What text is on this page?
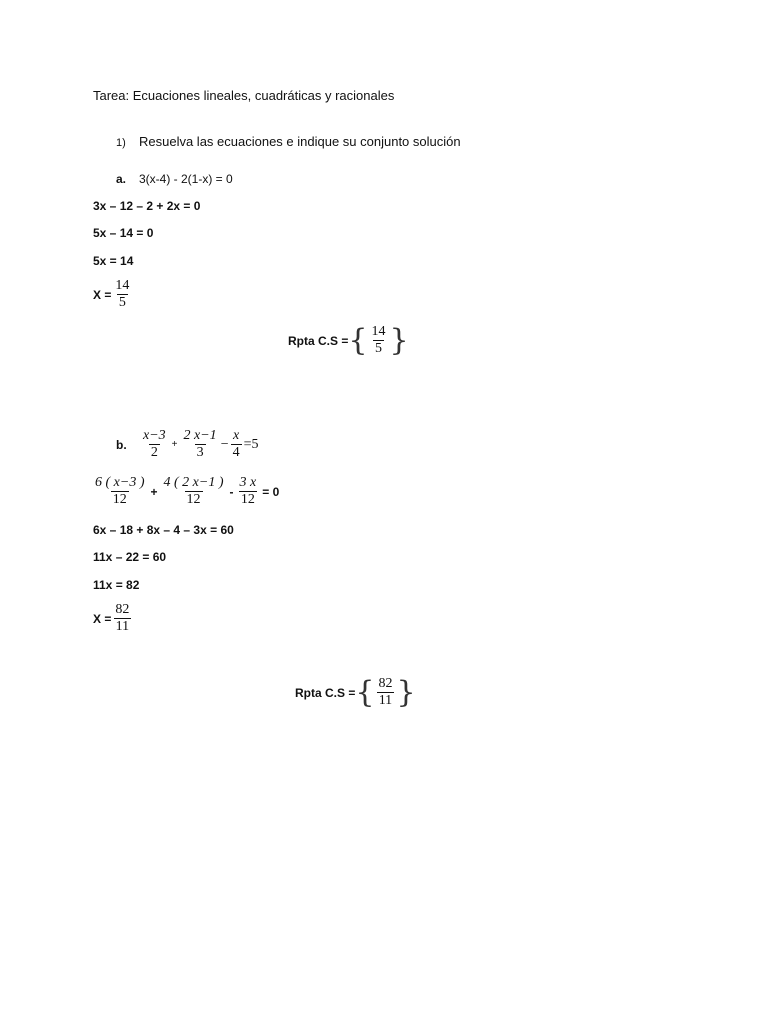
Tarea: Ecuaciones lineales, cuadráticas y racionales
1) Resuelva las ecuaciones e indique su conjunto solución
a. 3(x-4) - 2(1-x) = 0
3x – 12 – 2 + 2x = 0
5x – 14 = 0
5x = 14
$X = \frac{14}{5}$
Rpta C.S = { $\frac{14}{5}$ }
b.	$\frac{x-3}{2} + \frac{2 x-1}{3} - \frac{x}{4} =5$
$\frac{6 ( x-3 )}{12} + \frac{4 ( 2 x-1 )}{12} - \frac{3 x}{12} = 0$
6x – 18 + 8x – 4 – 3x = 60
11x – 22 = 60
11x = 82
$X = \frac{82}{11}$
Rpta C.S = { $\frac{82}{11}$ }
